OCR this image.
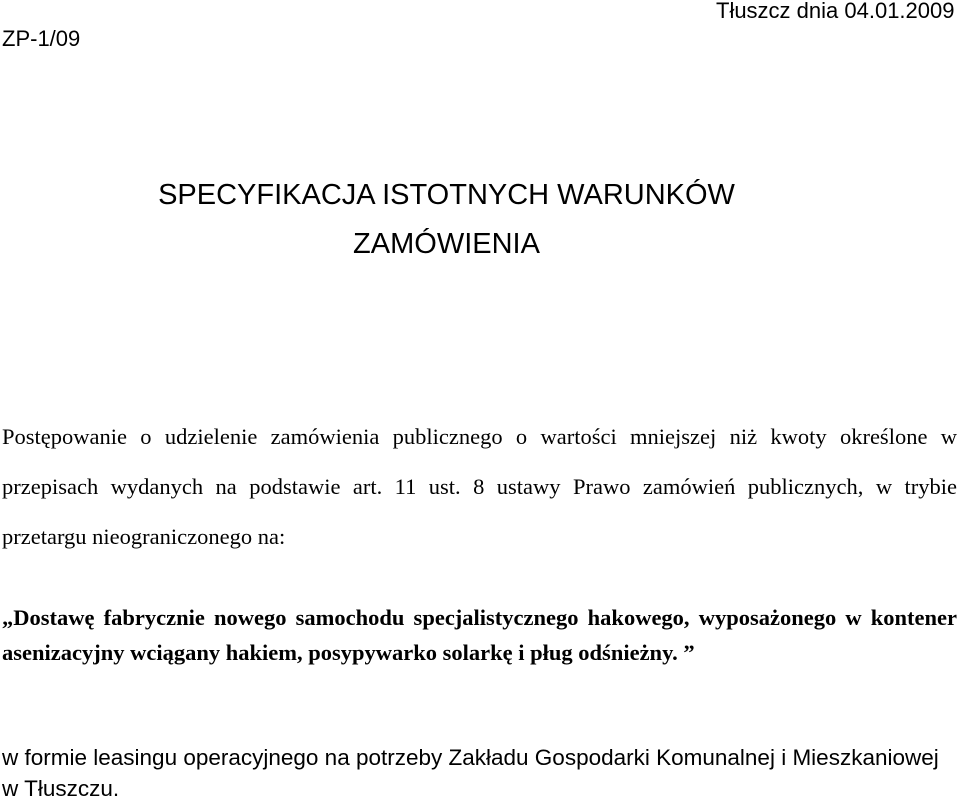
ZP-1/09
Tłuszcz dnia 04.01.2009
SPECYFIKACJA ISTOTNYCH WARUNKÓW
ZAMÓWIENIA

Postępowanie o udzielenie zamówienia publicznego o wartości mniejszej niż kwoty określone w przepisach wydanych na podstawie art. 11 ust. 8 ustawy Prawo zamówień publicznych, w trybie przetargu nieograniczonego na:

„Dostawę fabrycznie nowego samochodu specjalistycznego hakowego, wyposażonego w kontener asenizacyjny wciągany hakiem, posypywarko solarkę i pług odśnieżny. ”

w formie leasingu operacyjnego na potrzeby Zakładu Gospodarki Komunalnej i Mieszkaniowej w Tłuszczu.
